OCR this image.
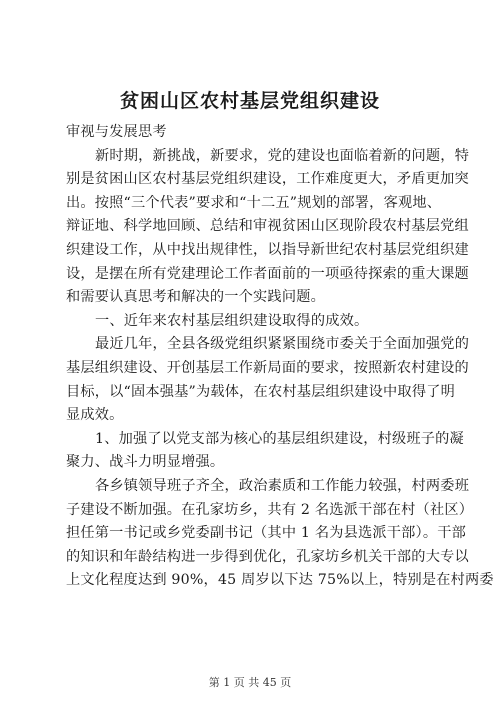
贫困山区农村基层党组织建设
审视与发展思考
新时期，新挑战，新要求，党的建设也面临着新的问题，特
别是贫困山区农村基层党组织建设，工作难度更大，矛盾更加突
出。按照“三个代表”要求和“十二五”规划的部署，客观地、
辩证地、科学地回顾、总结和审视贫困山区现阶段农村基层党组
织建设工作，从中找出规律性，以指导新世纪农村基层党组织建
设，是摆在所有党建理论工作者面前的一项亟待探索的重大课题
和需要认真思考和解决的一个实践问题。
一、近年来农村基层组织建设取得的成效。
最近几年，全县各级党组织紧紧围绕市委关于全面加强党的
基层组织建设、开创基层工作新局面的要求，按照新农村建设的
目标，以“固本强基”为载体，在农村基层组织建设中取得了明
显成效。
1、加强了以党支部为核心的基层组织建设，村级班子的凝
聚力、战斗力明显增强。
各乡镇领导班子齐全，政治素质和工作能力较强，村两委班
子建设不断加强。在孔家坊乡，共有 2 名选派干部在村（社区）
担任第一书记或乡党委副书记（其中 1 名为县选派干部）。干部
的知识和年龄结构进一步得到优化，孔家坊乡机关干部的大专以
上文化程度达到 90%，45 周岁以下达 75%以上，特别是在村两委
第 1 页 共 45 页
